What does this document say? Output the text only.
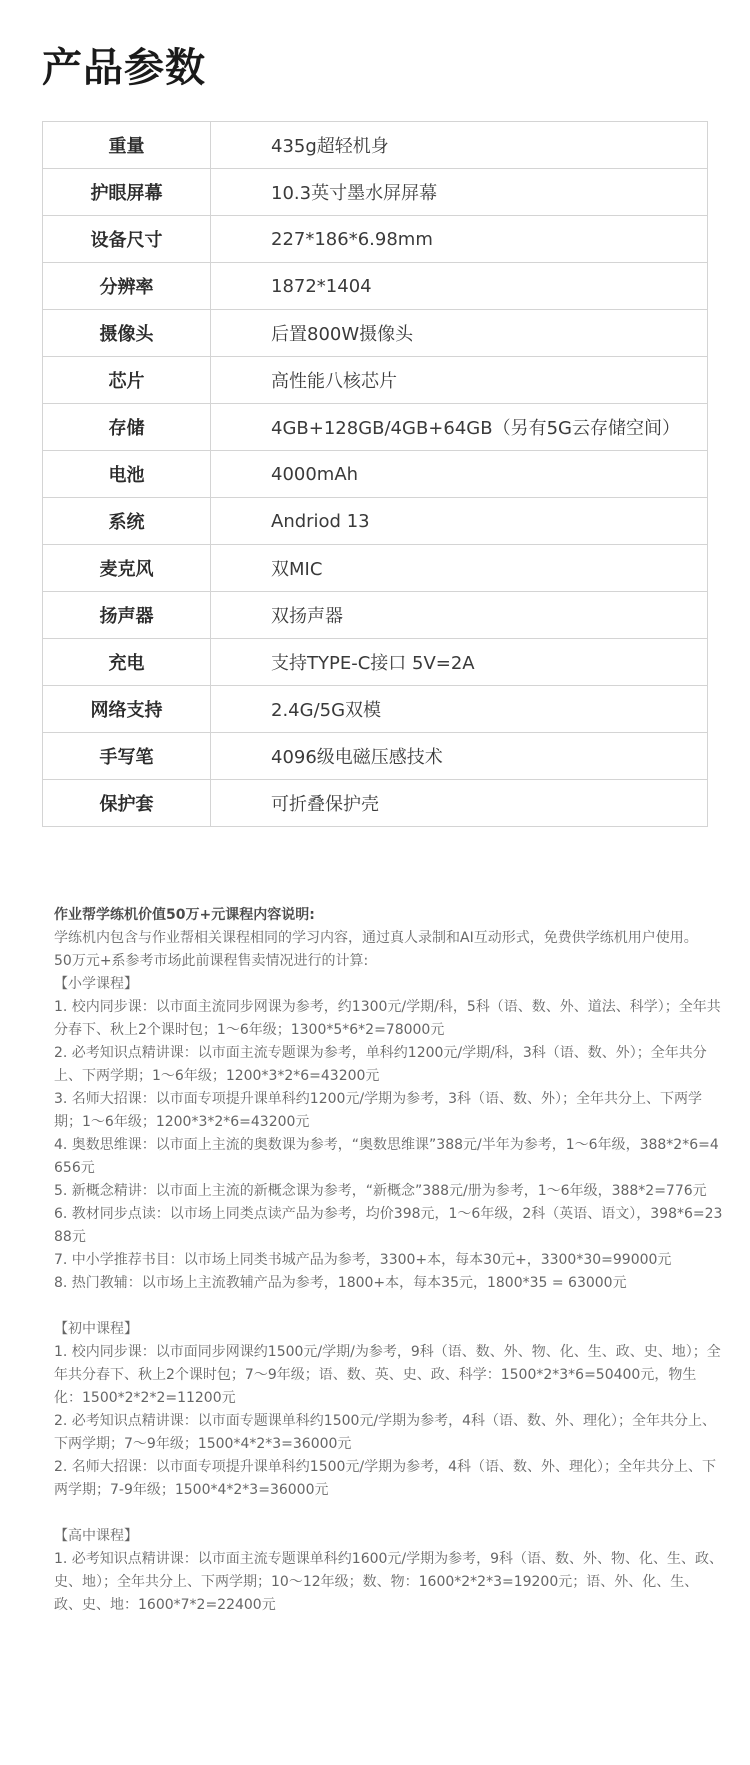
产品参数
重量	435g超轻机身
护眼屏幕	10.3英寸墨水屏屏幕
设备尺寸	227*186*6.98mm
分辨率	1872*1404
摄像头	后置800W摄像头
芯片	高性能八核芯片
存储	4GB+128GB/4GB+64GB（另有5G云存储空间）
电池	4000mAh
系统	Andriod 13
麦克风	双MIC
扬声器	双扬声器
充电	支持TYPE-C接口 5V=2A
网络支持	2.4G/5G双模
手写笔	4096级电磁压感技术
保护套	可折叠保护壳

作业帮学练机价值50万+元课程内容说明:

学练机内包含与作业帮相关课程相同的学习内容，通过真人录制和AI互动形式，免费供学练机用户使用。

50万元+系参考市场此前课程售卖情况进行的计算:

【小学课程】

1. 校内同步课：以市面主流同步网课为参考，约1300元/学期/科，5科（语、数、外、道法、科学）；全年共分春下、秋上2个课时包；1～6年级；1300*5*6*2=78000元

2. 必考知识点精讲课：以市面主流专题课为参考，单科约1200元/学期/科，3科（语、数、外）；全年共分上、下两学期；1～6年级；1200*3*2*6=43200元

3. 名师大招课：以市面专项提升课单科约1200元/学期为参考，3科（语、数、外）；全年共分上、下两学期；1～6年级；1200*3*2*6=43200元

4. 奥数思维课：以市面上主流的奥数课为参考，“奥数思维课”388元/半年为参考，1～6年级，388*2*6=4656元

5. 新概念精讲：以市面上主流的新概念课为参考，“新概念”388元/册为参考，1～6年级，388*2=776元

6. 教材同步点读：以市场上同类点读产品为参考，均价398元，1～6年级，2科（英语、语文），398*6=2388元

7. 中小学推荐书目：以市场上同类书城产品为参考，3300+本，每本30元+，3300*30=99000元

8. 热门教辅：以市场上主流教辅产品为参考，1800+本，每本35元，1800*35 = 63000元

【初中课程】

1. 校内同步课：以市面同步网课约1500元/学期/为参考，9科（语、数、外、物、化、生、政、史、地）；全年共分春下、秋上2个课时包；7～9年级；语、数、英、史、政、科学：1500*2*3*6=50400元，物生化：1500*2*2*2=11200元

2. 必考知识点精讲课：以市面专题课单科约1500元/学期为参考，4科（语、数、外、理化）；全年共分上、下两学期；7～9年级；1500*4*2*3=36000元

2. 名师大招课：以市面专项提升课单科约1500元/学期为参考，4科（语、数、外、理化）；全年共分上、下两学期；7-9年级；1500*4*2*3=36000元

【高中课程】

1. 必考知识点精讲课：以市面主流专题课单科约1600元/学期为参考，9科（语、数、外、物、化、生、政、史、地）；全年共分上、下两学期；10～12年级；数、物：1600*2*2*3=19200元；语、外、化、生、政、史、地：1600*7*2=22400元
